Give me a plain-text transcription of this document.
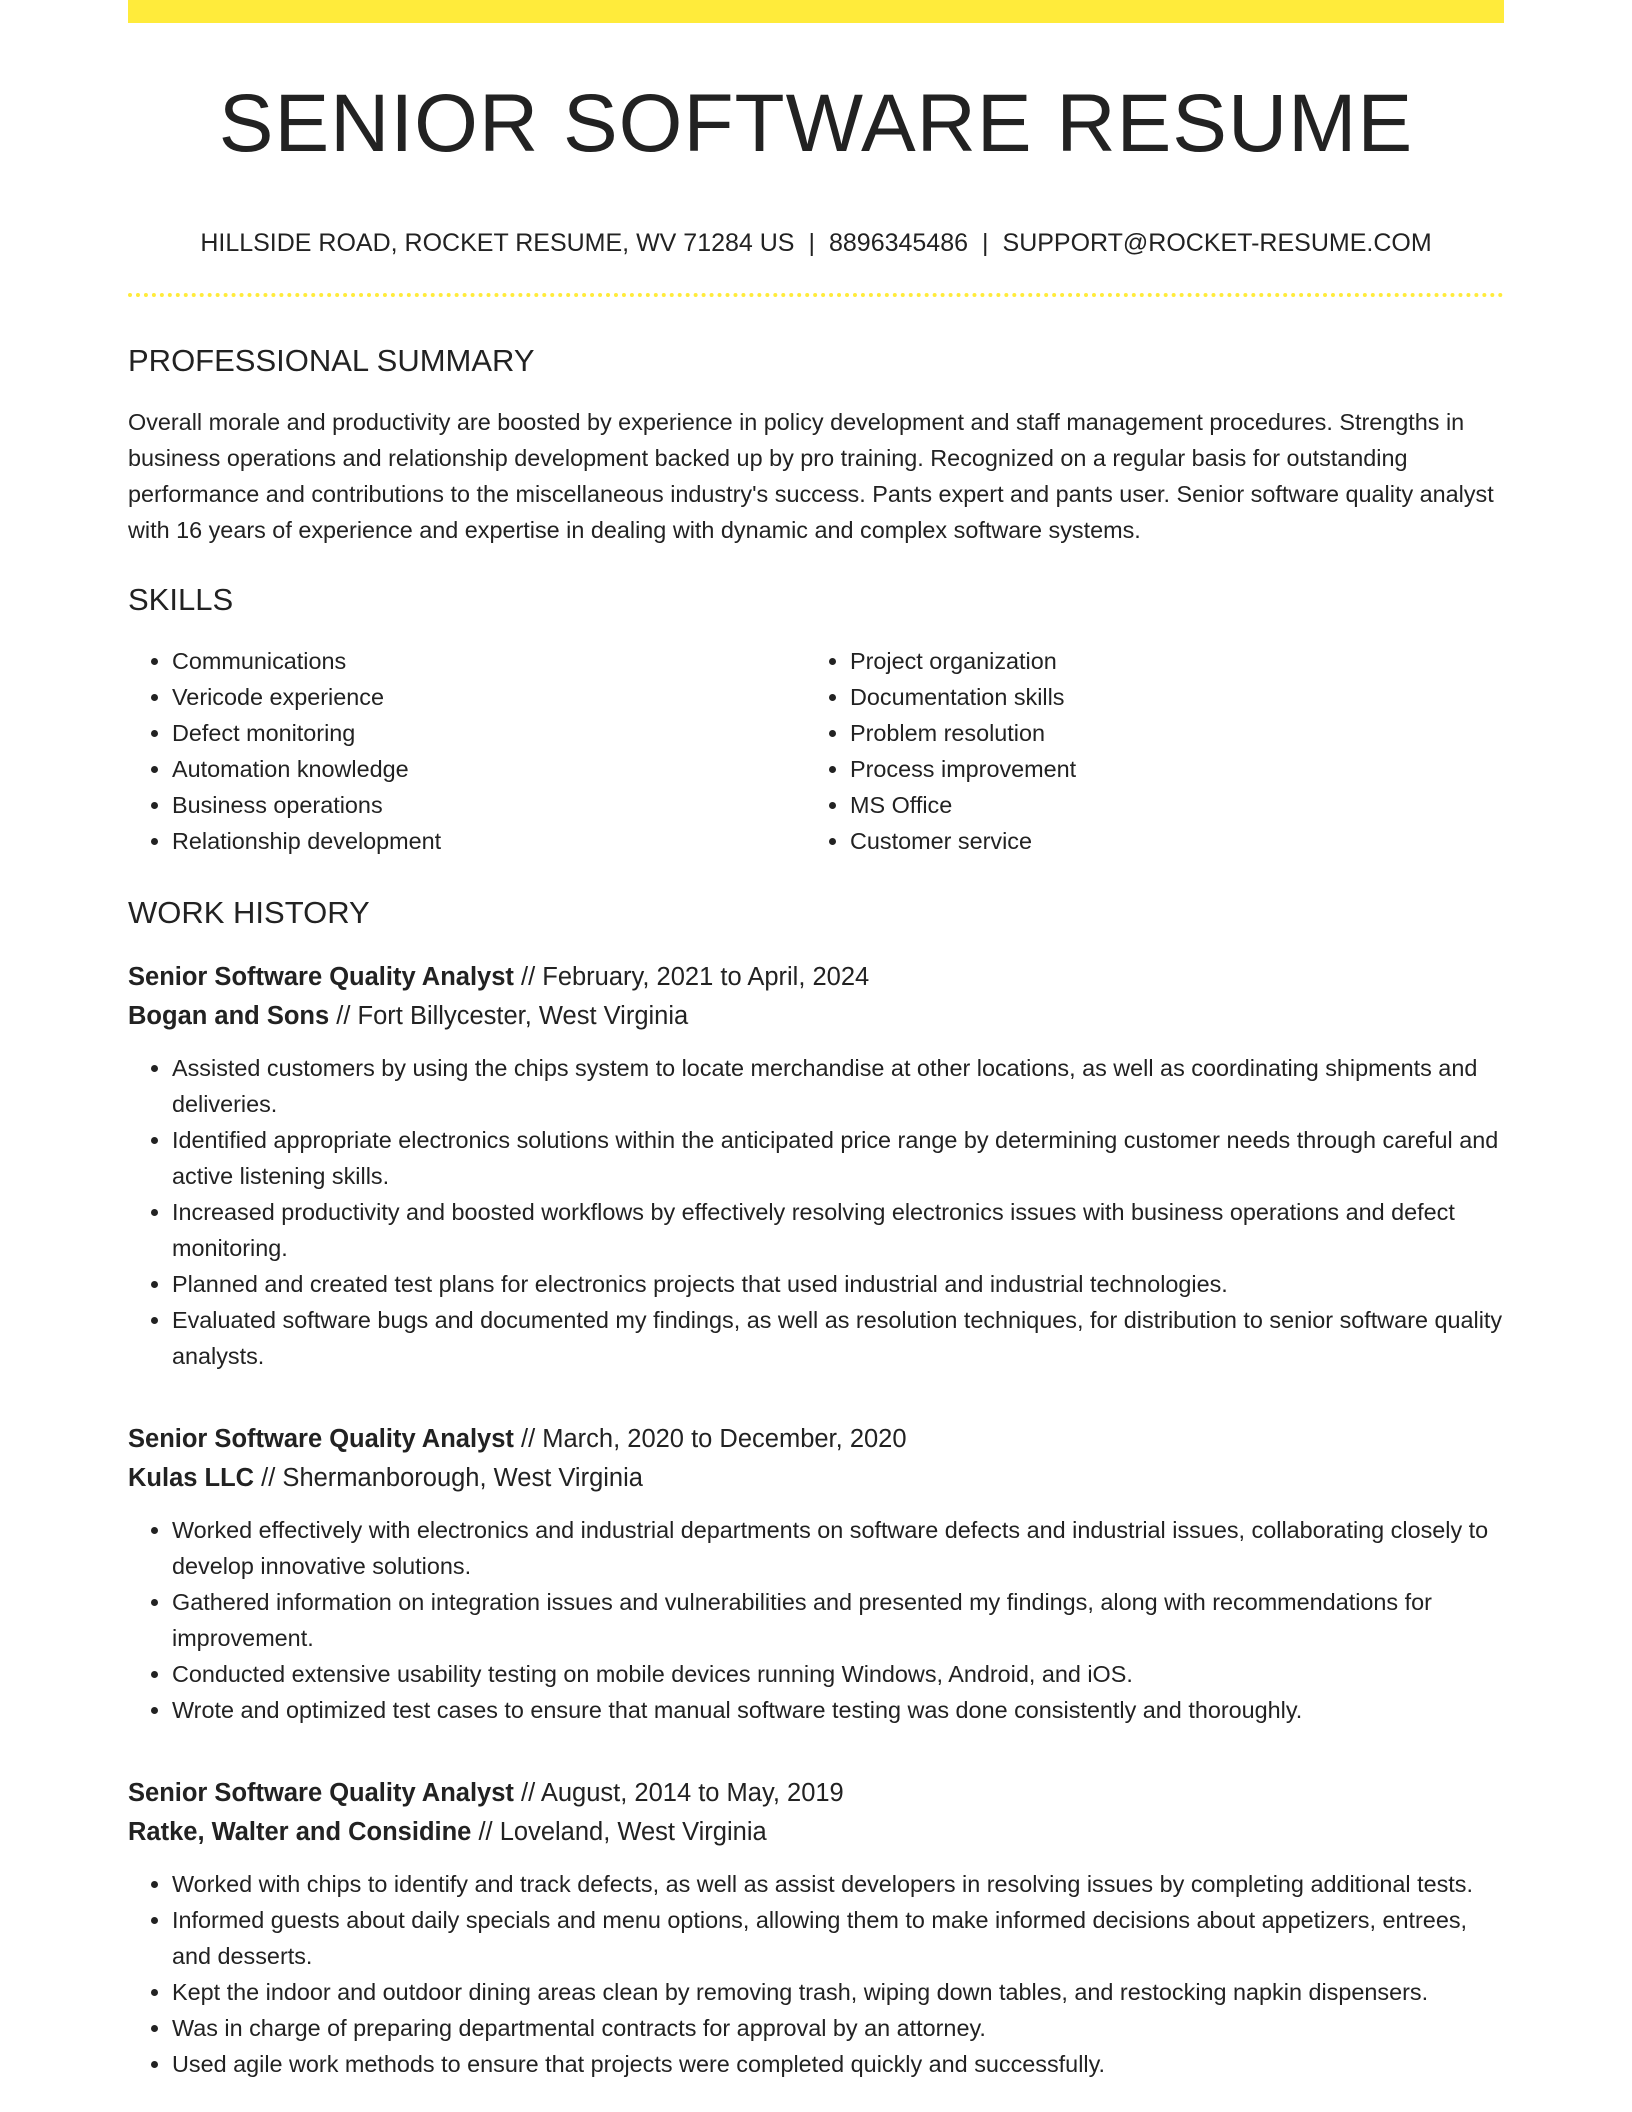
SENIOR SOFTWARE RESUME
HILLSIDE ROAD, ROCKET RESUME, WV 71284 US | 8896345486 | SUPPORT@ROCKET-RESUME.COM
PROFESSIONAL SUMMARY

Overall morale and productivity are boosted by experience in policy development and staff management procedures. Strengths in business operations and relationship development backed up by pro training. Recognized on a regular basis for outstanding performance and contributions to the miscellaneous industry's success. Pants expert and pants user. Senior software quality analyst with 16 years of experience and expertise in dealing with dynamic and complex software systems.

SKILLS
• Communications
• Vericode experience
• Defect monitoring
• Automation knowledge
• Business operations
• Relationship development
• Project organization
• Documentation skills
• Problem resolution
• Process improvement
• MS Office
• Customer service
WORK HISTORY

Senior Software Quality Analyst // February, 2021 to April, 2024

Bogan and Sons // Fort Billycester, West Virginia

• Assisted customers by using the chips system to locate merchandise at other locations, as well as coordinating shipments and deliveries.
• Identified appropriate electronics solutions within the anticipated price range by determining customer needs through careful and active listening skills.
• Increased productivity and boosted workflows by effectively resolving electronics issues with business operations and defect monitoring.
• Planned and created test plans for electronics projects that used industrial and industrial technologies.
• Evaluated software bugs and documented my findings, as well as resolution techniques, for distribution to senior software quality analysts.

Senior Software Quality Analyst // March, 2020 to December, 2020

Kulas LLC // Shermanborough, West Virginia

• Worked effectively with electronics and industrial departments on software defects and industrial issues, collaborating closely to develop innovative solutions.
• Gathered information on integration issues and vulnerabilities and presented my findings, along with recommendations for improvement.
• Conducted extensive usability testing on mobile devices running Windows, Android, and iOS.
• Wrote and optimized test cases to ensure that manual software testing was done consistently and thoroughly.

Senior Software Quality Analyst // August, 2014 to May, 2019

Ratke, Walter and Considine // Loveland, West Virginia

• Worked with chips to identify and track defects, as well as assist developers in resolving issues by completing additional tests.
• Informed guests about daily specials and menu options, allowing them to make informed decisions about appetizers, entrees, and desserts.
• Kept the indoor and outdoor dining areas clean by removing trash, wiping down tables, and restocking napkin dispensers.
• Was in charge of preparing departmental contracts for approval by an attorney.
• Used agile work methods to ensure that projects were completed quickly and successfully.
